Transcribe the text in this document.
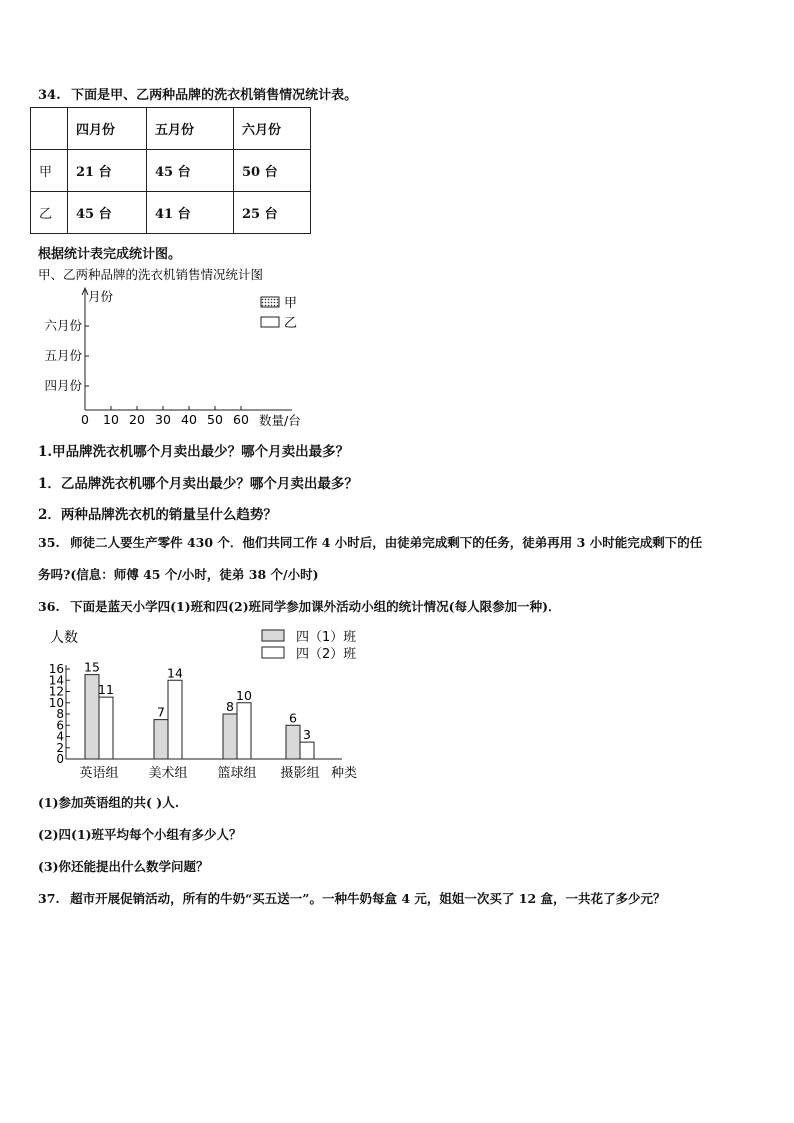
34. 下面是甲、乙两种品牌的洗衣机销售情况统计表。
	四月份	五月份	六月份
甲	21 台	45 台	50 台
乙	45 台	41 台	25 台
根据统计表完成统计图。
甲、乙两种品牌的洗衣机销售情况统计图
月份
数量/台
0 10 20 30 40 50 60
四月份
五月份
六月份
甲
乙
1.甲品牌洗衣机哪个月卖出最少？哪个月卖出最多？
1．乙品牌洗衣机哪个月卖出最少？哪个月卖出最多？
2．两种品牌洗衣机的销量呈什么趋势？
35. 师徒二人要生产零件 430 个．他们共同工作 4 小时后，由徒弟完成剩下的任务，徒弟再用 3 小时能完成剩下的任
务吗?(信息：师傅 45 个/小时，徒弟 38 个/小时)
36. 下面是蓝天小学四(1)班和四(2)班同学参加课外活动小组的统计情况(每人限参加一种)．
人数
种类
0
2
4
6
8
10
12
14
16
英语组 美术组 篮球组 摄影组
15
11
7
14
8
10
6
3
四（1）班
四（2）班
(1)参加英语组的共( )人.
(2)四(1)班平均每个小组有多少人？
(3)你还能提出什么数学问题？
37. 超市开展促销活动，所有的牛奶“买五送一”。一种牛奶每盒 4 元，姐姐一次买了 12 盒，一共花了多少元？
